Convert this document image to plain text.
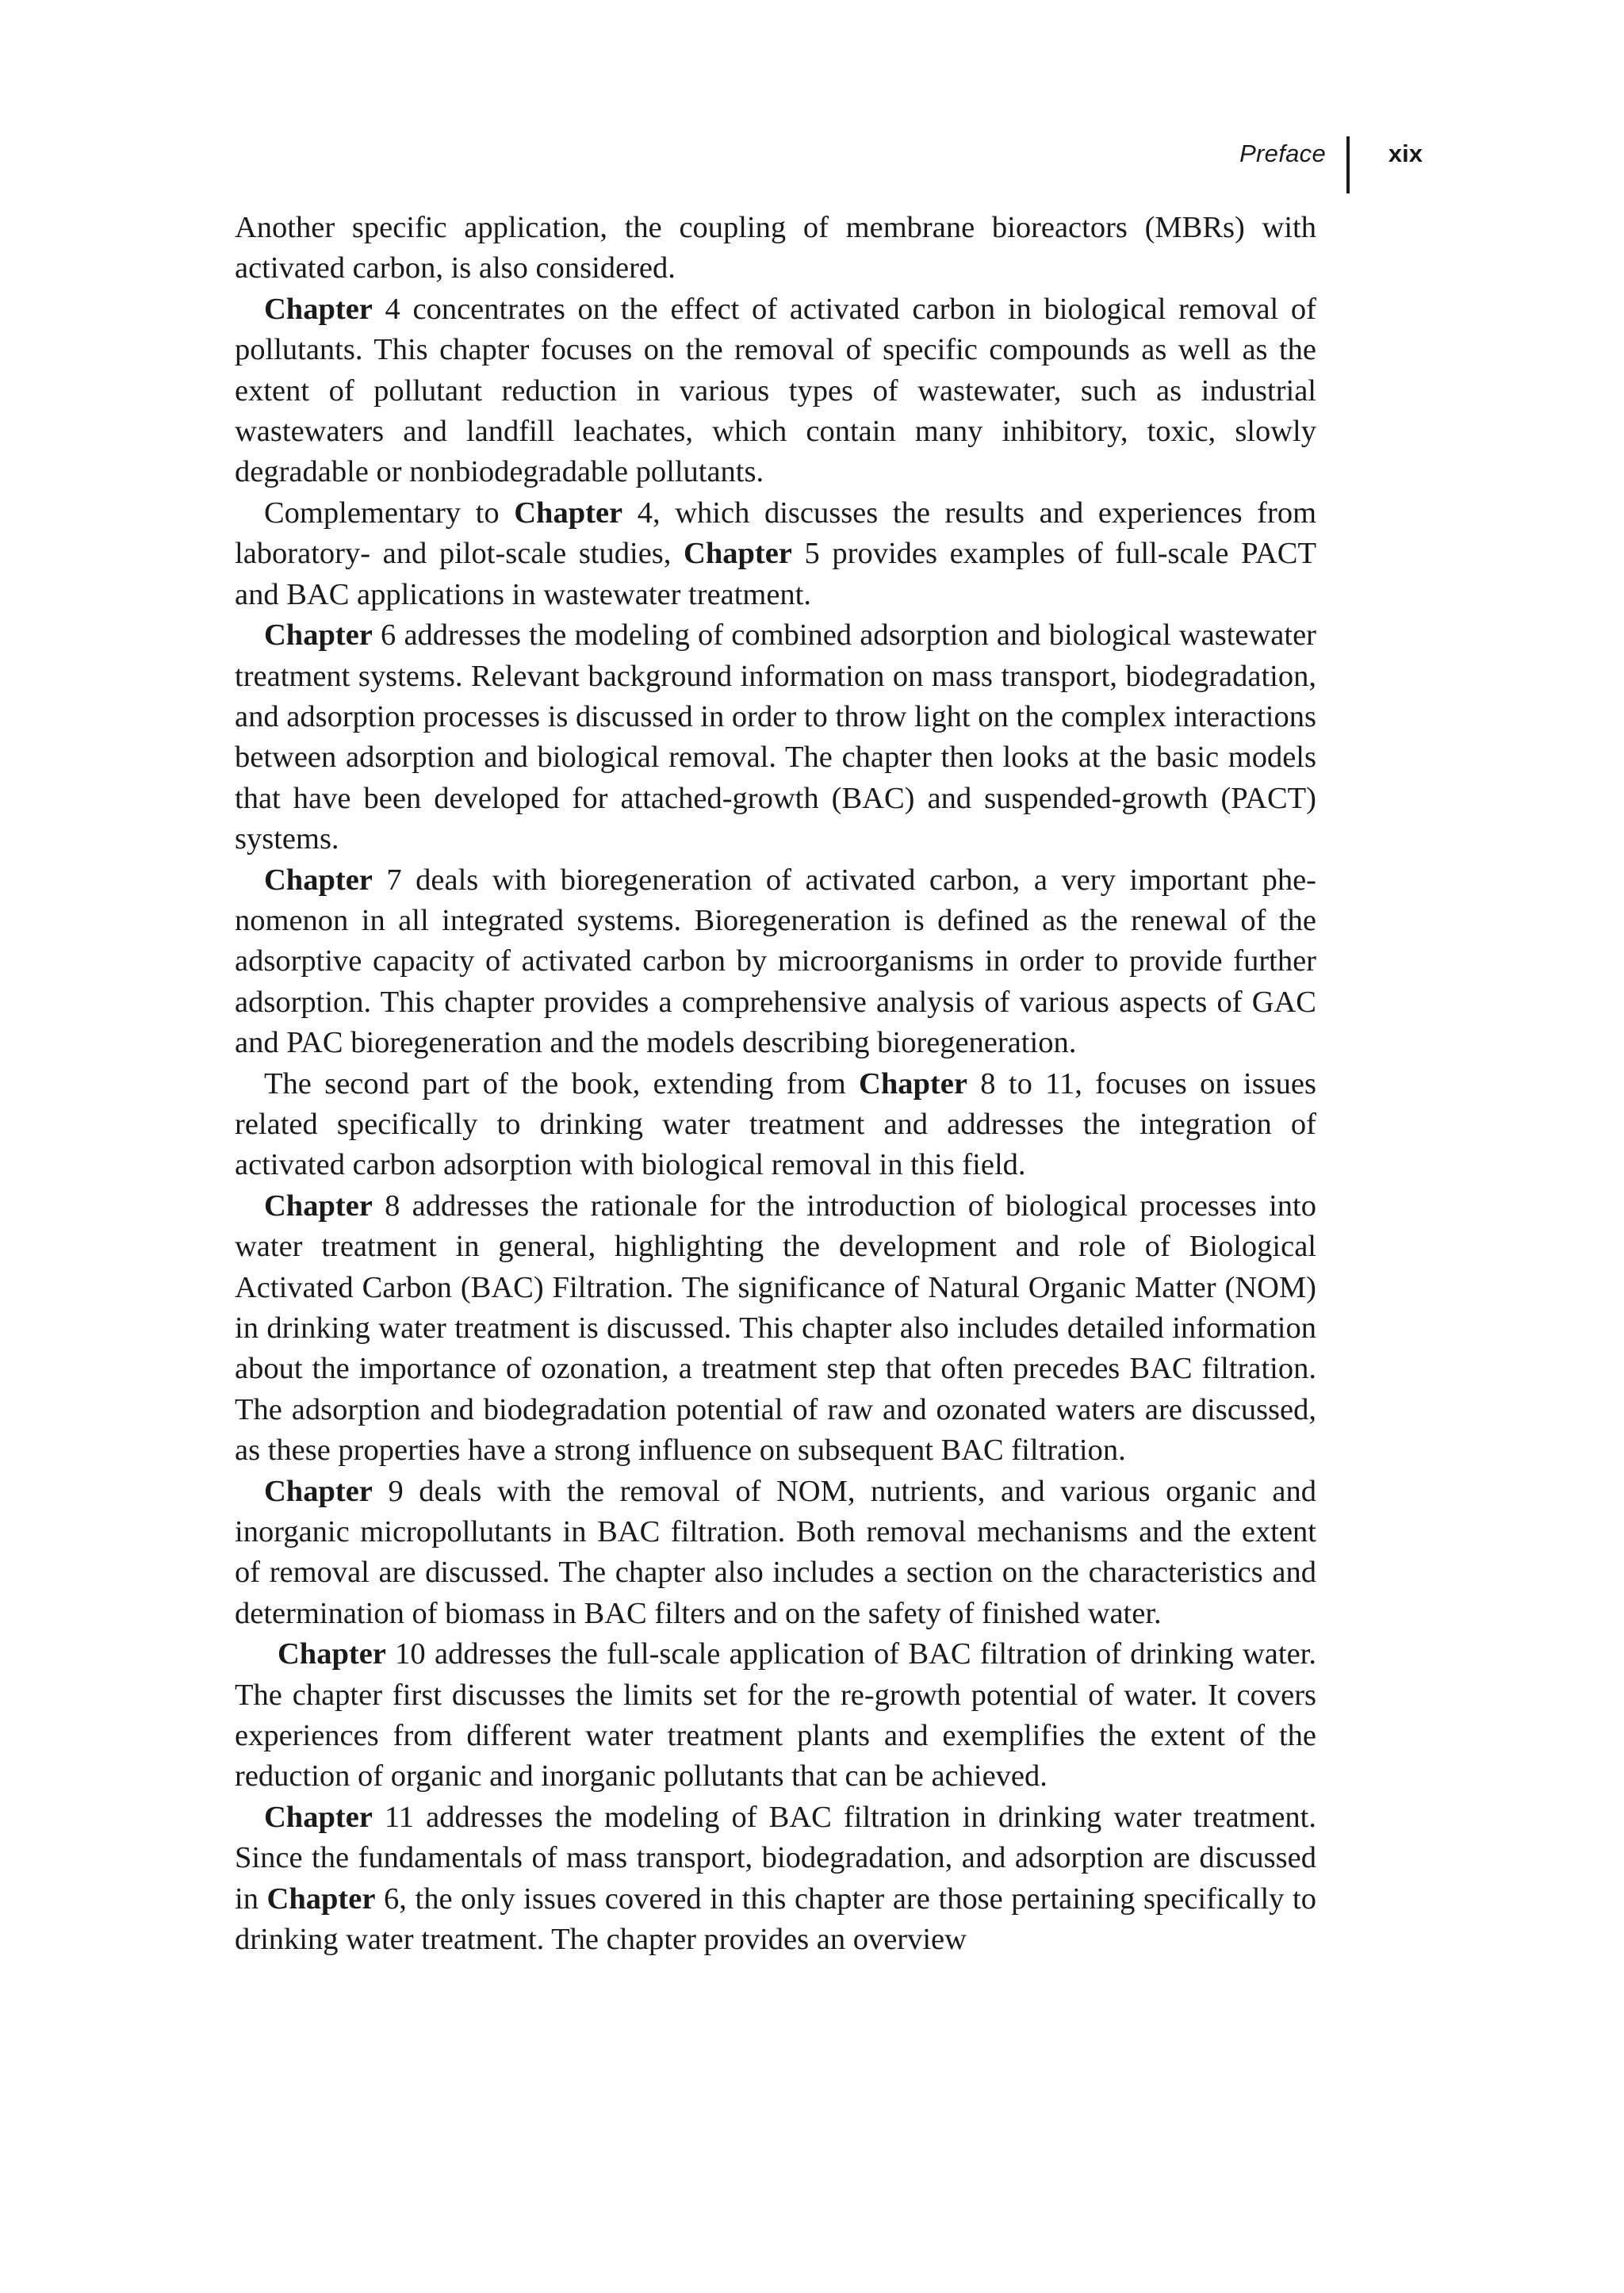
Preface	xix

Another specific application, the coupling of membrane bioreactors (MBRs) with activated carbon, is also considered.

Chapter 4 concentrates on the effect of activated carbon in biological removal of pollutants. This chapter focuses on the removal of specific compounds as well as the extent of pollutant reduction in various types of wastewater, such as industrial wastewaters and landfill leachates, which contain many inhibitory, toxic, slowly degradable or nonbiodegradable pollutants.

Complementary to Chapter 4, which discusses the results and experiences from laboratory- and pilot-scale studies, Chapter 5 provides examples of full-scale PACT and BAC applications in wastewater treatment.

Chapter 6 addresses the modeling of combined adsorption and biological wastewater treatment systems. Relevant background information on mass transport, biodegradation, and adsorption processes is discussed in order to throw light on the complex interactions between adsorption and biological removal. The chapter then looks at the basic models that have been developed for attached-growth (BAC) and suspended-growth (PACT) systems.

Chapter 7 deals with bioregeneration of activated carbon, a very important phenomenon in all integrated systems. Bioregeneration is defined as the renewal of the adsorptive capacity of activated carbon by microorganisms in order to provide further adsorption. This chapter provides a comprehensive analysis of various aspects of GAC and PAC bioregeneration and the models describing bioregeneration.

The second part of the book, extending from Chapter 8 to 11, focuses on issues related specifically to drinking water treatment and addresses the integration of activated carbon adsorption with biological removal in this field.

Chapter 8 addresses the rationale for the introduction of biological processes into water treatment in general, highlighting the development and role of Biological Activated Carbon (BAC) Filtration. The significance of Natural Organic Matter (NOM) in drinking water treatment is discussed. This chapter also includes detailed information about the importance of ozonation, a treatment step that often precedes BAC filtration. The adsorption and biodegradation potential of raw and ozonated waters are discussed, as these properties have a strong influence on subsequent BAC filtration.

Chapter 9 deals with the removal of NOM, nutrients, and various organic and inorganic micropollutants in BAC filtration. Both removal mechanisms and the extent of removal are discussed. The chapter also includes a section on the characteristics and determination of biomass in BAC filters and on the safety of finished water.

Chapter 10 addresses the full-scale application of BAC filtration of drinking water. The chapter first discusses the limits set for the re-growth potential of water. It covers experiences from different water treatment plants and exemplifies the extent of the reduction of organic and inorganic pollutants that can be achieved.

Chapter 11 addresses the modeling of BAC filtration in drinking water treatment. Since the fundamentals of mass transport, biodegradation, and adsorption are discussed in Chapter 6, the only issues covered in this chapter are those pertaining specifically to drinking water treatment. The chapter provides an overview
